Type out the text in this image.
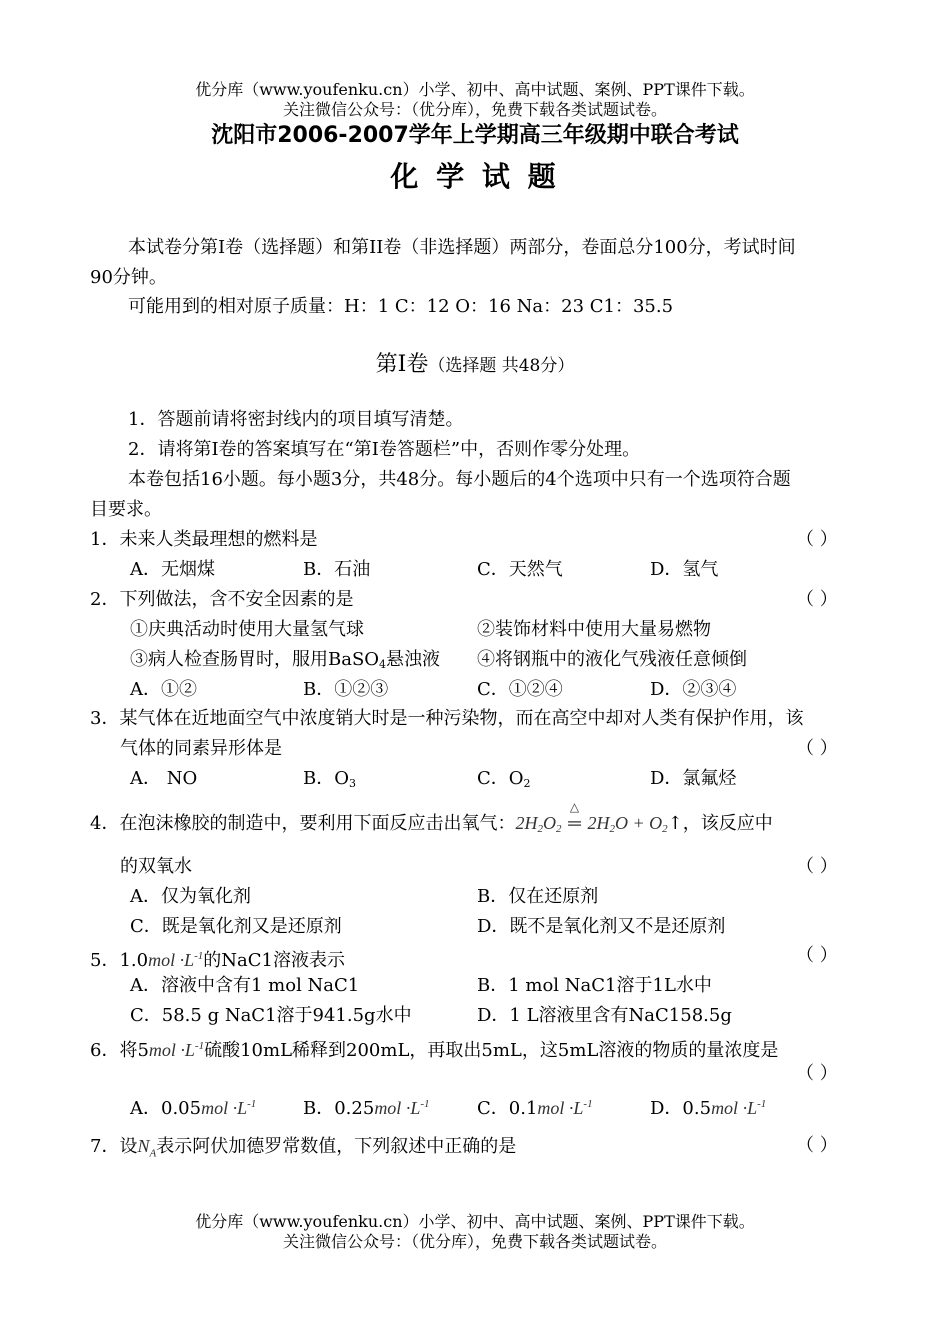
优分库（www.youfenku.cn）小学、初中、高中试题、案例、PPT课件下载。
关注微信公众号：（优分库），免费下载各类试题试卷。
沈阳市2006-2007学年上学期高三年级期中联合考试
化 学 试 题
本试卷分第Ⅰ卷（选择题）和第II卷（非选择题）两部分，卷面总分100分，考试时间
90分钟。
可能用到的相对原子质量：H：1 C：12 O：16 Na：23 C1：35.5
第Ⅰ卷（选择题 共48分）
1．答题前请将密封线内的项目填写清楚。
2．请将第Ⅰ卷的答案填写在“第Ⅰ卷答题栏”中，否则作零分处理。
本卷包括16小题。每小题3分，共48分。每小题后的4个选项中只有一个选项符合题
目要求。
1．未来人类最理想的燃料是	（ ）
A．无烟煤	B．石油	C．天然气	D．氢气
2．下列做法，含不安全因素的是	（ ）
①庆典活动时使用大量氢气球	②装饰材料中使用大量易燃物
③病人检查肠胃时，服用BaSO$_4$悬浊液 ④将钢瓶中的液化气残液任意倾倒
A．①②	B．①②③	C．①②④	D．②③④
3．某气体在近地面空气中浓度销大时是一种污染物，而在高空中却对人类有保护作用，该
气体的同素异形体是	（ ）
A． NO	B．$O_3$	C．$O_2$	D．氯氟烃
4．在泡沫橡胶的制造中，要利用下面反应击出氧气：$2H_2O_2$
△
═ $2H_2O$ + $O_2↑$，该反应中
的双氧水	（ ）
A．仅为氧化剂	B．仅在还原剂
C．既是氧化剂又是还原剂	D．既不是氧化剂又不是还原剂
5．$1.0mol \cdot L^{-1}$的NaC1溶液表示	（ ）
A．溶液中含有1 mol NaC1	B．1 mol NaC1溶于1L水中
C．58.5 g NaC1溶于941.5g水中	D．1 L溶液里含有NaC158.5g
6．将$5mol \cdot L^{-1}$硫酸10mL稀释到200mL，再取出5mL，这5mL溶液的物质的量浓度是
（ ）
A．$0.05mol \cdot L^{-1}$	B．$0.25mol \cdot L^{-1}$	C．$0.1mol \cdot L^{-1}$	D．$0.5mol \cdot L^{-1}$
7．设$N_A$表示阿伏加德罗常数值，下列叙述中正确的是	（ ）
优分库（www.youfenku.cn）小学、初中、高中试题、案例、PPT课件下载。
关注微信公众号：（优分库），免费下载各类试题试卷。
